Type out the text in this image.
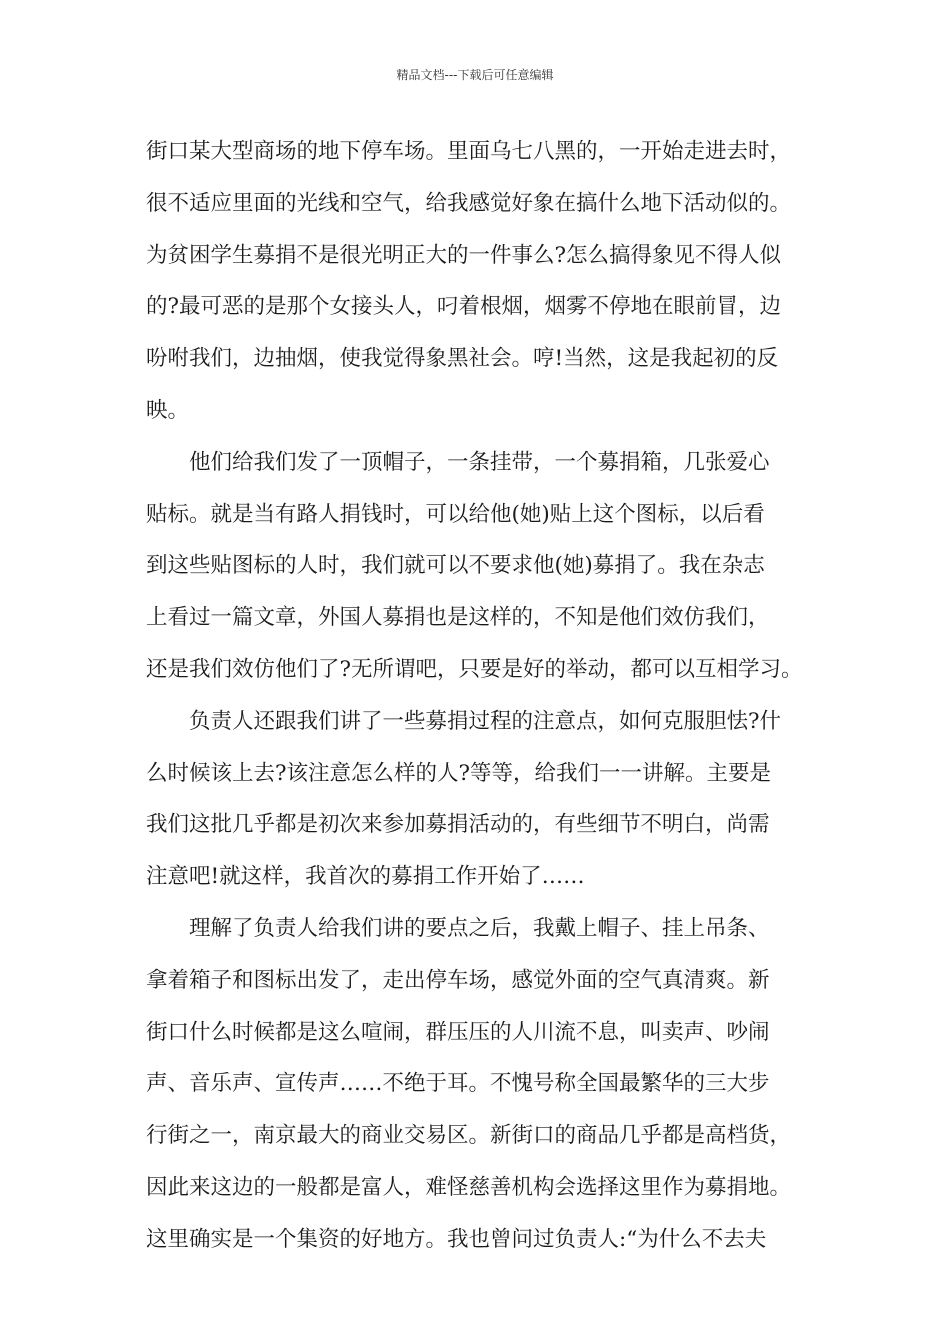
精品文档---下载后可任意编辑
街口某大型商场的地下停车场。里面乌七八黑的，一开始走进去时，
很不适应里面的光线和空气，给我感觉好象在搞什么地下活动似的。
为贫困学生募捐不是很光明正大的一件事么?怎么搞得象见不得人似
的?最可恶的是那个女接头人，叼着根烟，烟雾不停地在眼前冒，边
吩咐我们，边抽烟，使我觉得象黑社会。哼!当然，这是我起初的反
映。
他们给我们发了一顶帽子，一条挂带，一个募捐箱，几张爱心
贴标。就是当有路人捐钱时，可以给他(她)贴上这个图标，以后看
到这些贴图标的人时，我们就可以不要求他(她)募捐了。我在杂志
上看过一篇文章，外国人募捐也是这样的，不知是他们效仿我们，
还是我们效仿他们了?无所谓吧，只要是好的举动，都可以互相学习。
负责人还跟我们讲了一些募捐过程的注意点，如何克服胆怯?什
么时候该上去?该注意怎么样的人?等等，给我们一一讲解。主要是
我们这批几乎都是初次来参加募捐活动的，有些细节不明白，尚需
注意吧!就这样，我首次的募捐工作开始了……
理解了负责人给我们讲的要点之后，我戴上帽子、挂上吊条、
拿着箱子和图标出发了，走出停车场，感觉外面的空气真清爽。新
街口什么时候都是这么喧闹，群压压的人川流不息，叫卖声、吵闹
声、音乐声、宣传声……不绝于耳。不愧号称全国最繁华的三大步
行街之一，南京最大的商业交易区。新街口的商品几乎都是高档货，
因此来这边的一般都是富人，难怪慈善机构会选择这里作为募捐地。
这里确实是一个集资的好地方。我也曾问过负责人:“为什么不去夫
